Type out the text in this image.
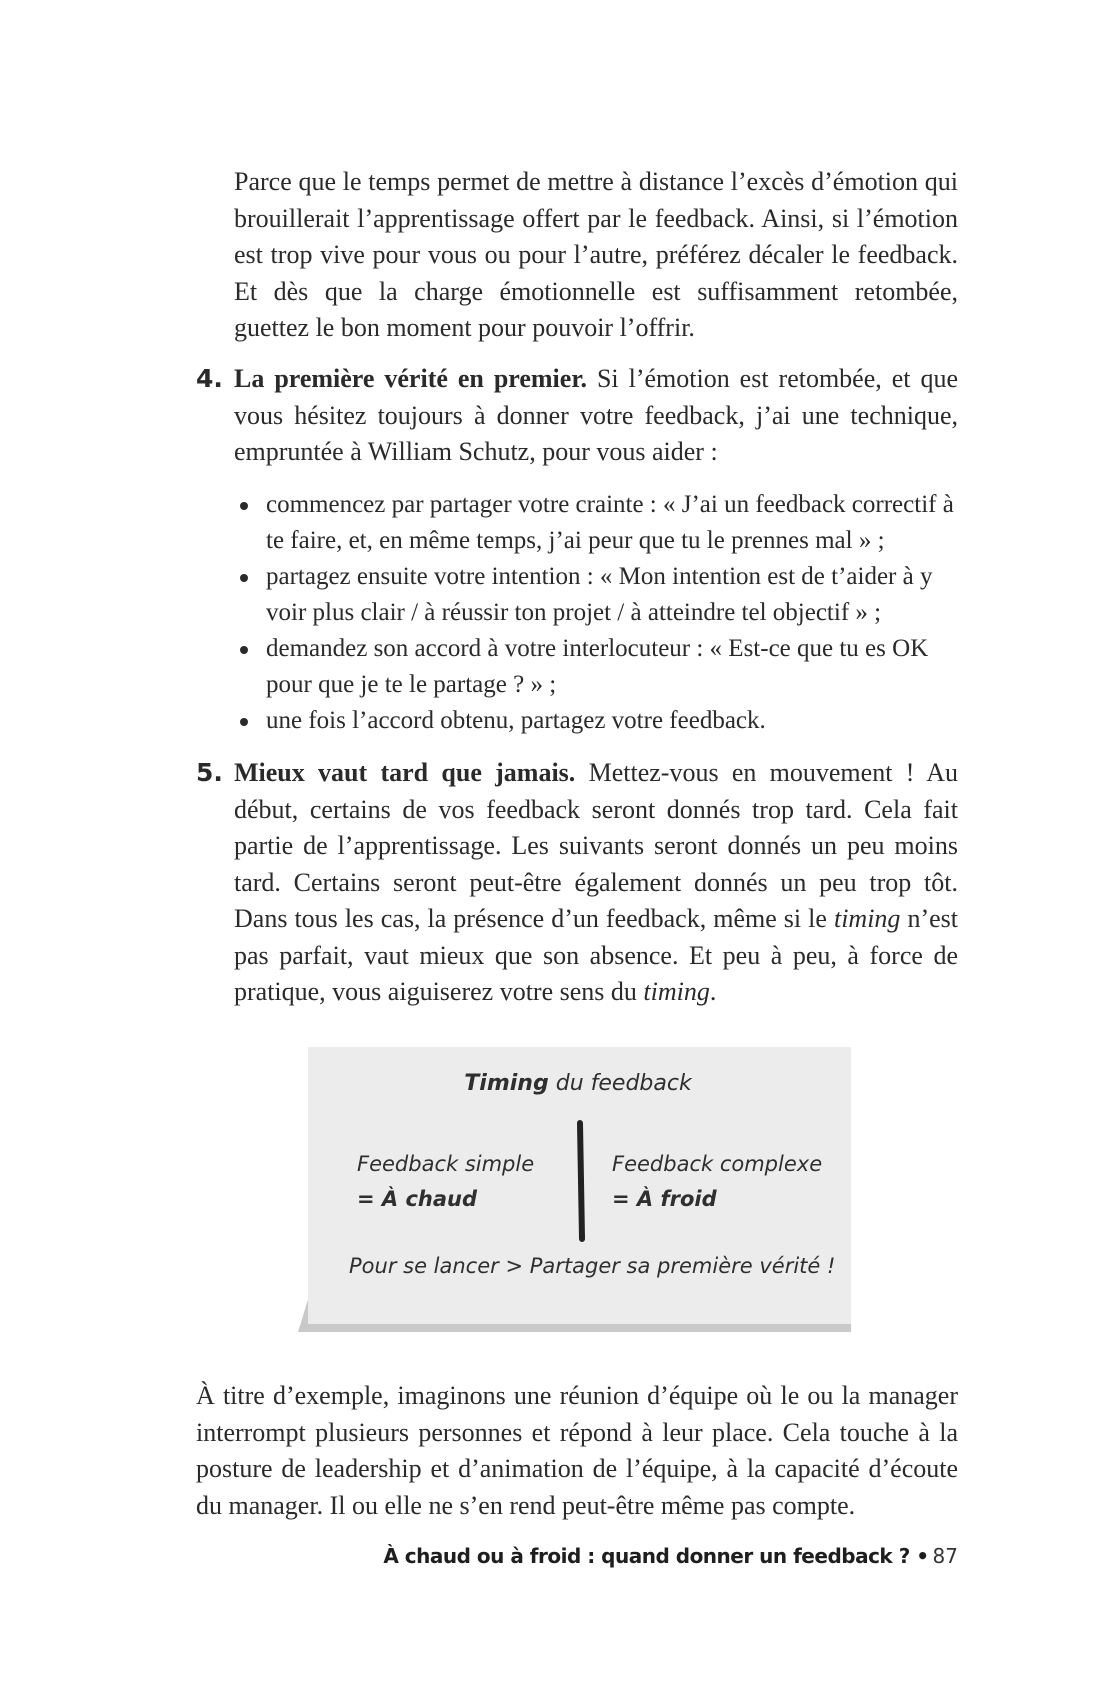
Parce que le temps permet de mettre à distance l’excès d’émotion qui brouillerait l’apprentissage offert par le feedback. Ainsi, si l’émotion est trop vive pour vous ou pour l’autre, préférez décaler le feedback. Et dès que la charge émotionnelle est suffisamment retombée, guettez le bon moment pour pouvoir l’offrir.

4. La première vérité en premier. Si l’émotion est retombée, et que vous hésitez toujours à donner votre feedback, j’ai une technique, empruntée à William Schutz, pour vous aider :

commencez par partager votre crainte : « J’ai un feedback correctif à te faire, et, en même temps, j’ai peur que tu le prennes mal » ;
partagez ensuite votre intention : « Mon intention est de t’aider à y voir plus clair / à réussir ton projet / à atteindre tel objectif » ;
demandez son accord à votre interlocuteur : « Est-ce que tu es OK pour que je te le partage ? » ;
une fois l’accord obtenu, partagez votre feedback.
5. Mieux vaut tard que jamais. Mettez-vous en mouvement ! Au début, certains de vos feedback seront donnés trop tard. Cela fait partie de l’apprentissage. Les suivants seront donnés un peu moins tard. Certains seront peut-être également donnés un peu trop tôt. Dans tous les cas, la présence d’un feedback, même si le timing n’est pas parfait, vaut mieux que son absence. Et peu à peu, à force de pratique, vous aiguiserez votre sens du timing.

Timing du feedback
Feedback simple
= À chaud
Feedback complexe
= À froid
Pour se lancer > Partager sa première vérité !

À titre d’exemple, imaginons une réunion d’équipe où le ou la manager interrompt plusieurs personnes et répond à leur place. Cela touche à la posture de leadership et d’animation de l’équipe, à la capacité d’écoute du manager. Il ou elle ne s’en rend peut-être même pas compte.

À chaud ou à froid : quand donner un feedback ? • 87
